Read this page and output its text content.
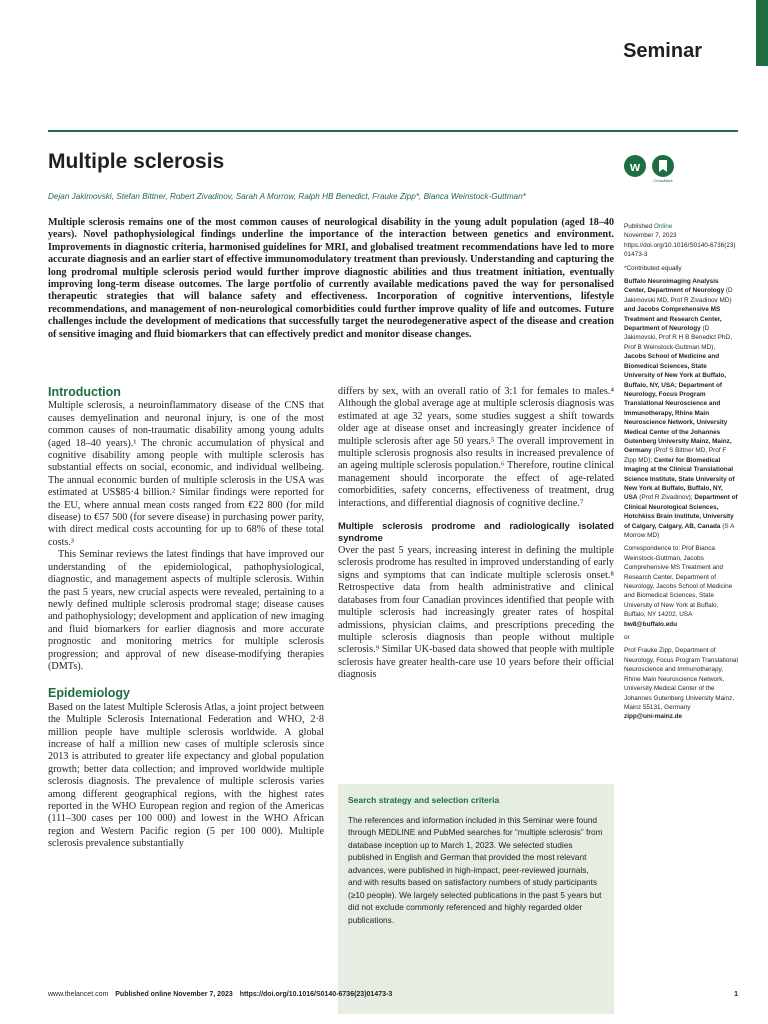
Seminar
Multiple sclerosis	w
CrossMark

Dejan Jakimovski, Stefan Bittner, Robert Zivadinov, Sarah A Morrow, Ralph HB Benedict, Frauke Zipp*, Bianca Weinstock-Guttman*

Multiple sclerosis remains one of the most common causes of neurological disability in the young adult population (aged 18–40 years). Novel pathophysiological findings underline the importance of the interaction between genetics and environment. Improvements in diagnostic criteria, harmonised guidelines for MRI, and globalised treatment recommendations have led to more accurate diagnosis and an earlier start of effective immunomodulatory treatment than previously. Understanding and capturing the long prodromal multiple sclerosis period would further improve diagnostic abilities and thus treatment initiation, eventually improving long-term disease outcomes. The large portfolio of currently available medications paved the way for personalised therapeutic strategies that will balance safety and effectiveness. Incorporation of cognitive interventions, lifestyle recommendations, and management of non-neurological comorbidities could further improve quality of life and outcomes. Future challenges include the development of medications that successfully target the neurodegenerative aspect of the disease and creation of sensitive imaging and fluid biomarkers that can effectively predict and monitor disease changes.

Introduction

Multiple sclerosis, a neuroinflammatory disease of the CNS that causes demyelination and neuronal injury, is one of the most common causes of non-traumatic disability among young adults (aged 18–40 years).¹ The chronic accumulation of physical and cognitive disability among people with multiple sclerosis has substantial effects on social, economic, and individual wellbeing. The annual economic burden of multiple sclerosis in the USA was estimated at US$85·4 billion.² Similar findings were reported for the EU, where annual mean costs ranged from €22 800 (for mild disease) to €57 500 (for severe disease) in purchasing power parity, with direct medical costs accounting for up to 68% of these total costs.³

This Seminar reviews the latest findings that have improved our understanding of the epidemiological, pathophysiological, diagnostic, and management aspects of multiple sclerosis. Within the past 5 years, new crucial aspects were revealed, pertaining to a newly defined multiple sclerosis prodromal stage; disease causes and pathophysiology; development and application of new imaging and fluid biomarkers for earlier diagnosis and more accurate prognostic and monitoring metrics for multiple sclerosis progression; and approval of new disease-modifying therapies (DMTs).

Epidemiology

Based on the latest Multiple Sclerosis Atlas, a joint project between the Multiple Sclerosis International Federation and WHO, 2·8 million people have multiple sclerosis worldwide. A global increase of half a million new cases of multiple sclerosis since 2013 is attributed to greater life expectancy and global population growth; better data collection; and improved worldwide multiple sclerosis diagnosis. The prevalence of multiple sclerosis varies among different geographical regions, with the highest rates reported in the WHO European region and region of the Americas (111–300 cases per 100 000) and lowest in the WHO African region and Western Pacific region (5 per 100 000). Multiple sclerosis prevalence substantially

differs by sex, with an overall ratio of 3:1 for females to males.⁴ Although the global average age at multiple sclerosis diagnosis was estimated at age 32 years, some studies suggest a shift towards older age at disease onset and increasingly greater incidence of multiple sclerosis after age 50 years.⁵ The overall improvement in multiple sclerosis prognosis also results in increased prevalence of an ageing multiple sclerosis population.⁶ Therefore, routine clinical management should incorporate the effect of age-related comorbidities, safety concerns, effectiveness of treatment, drug interactions, and differential diagnosis of cognitive decline.⁷

Multiple sclerosis prodrome and radiologically isolated syndrome

Over the past 5 years, increasing interest in defining the multiple sclerosis prodrome has resulted in improved understanding of early signs and symptoms that can indicate multiple sclerosis onset.⁸ Retrospective data from health administrative and clinical databases from four Canadian provinces identified that people with multiple sclerosis had increasingly greater rates of hospital admissions, physician claims, and prescriptions preceding the multiple sclerosis diagnosis than people without multiple sclerosis.⁹ Similar UK-based data showed that people with multiple sclerosis have greater health-care use 10 years before their official diagnosis

Search strategy and selection criteria

The references and information included in this Seminar were found through MEDLINE and PubMed searches for “multiple sclerosis” from database inception up to March 1, 2023. We selected studies published in English and German that provided the most relevant advances, were published in high-impact, peer-reviewed journals, and with results based on satisfactory numbers of study participants (≥10 people). We largely selected publications in the past 5 years but did not exclude commonly referenced and highly regarded older publications.

Published Online
November 7, 2023
https://doi.org/10.1016/S0140-6736(23)01473-3

*Contributed equally

Buffalo Neuroimaging Analysis Center, Department of Neurology (D Jakimovski MD, Prof R Zivadinov MD) and Jacobs Comprehensive MS Treatment and Research Center, Department of Neurology (D Jakimovski, Prof R H B Benedict PhD, Prof B Weinstock-Guttman MD), Jacobs School of Medicine and Biomedical Sciences, State University of New York at Buffalo, Buffalo, NY, USA; Department of Neurology, Focus Program Translational Neuroscience and Immunotherapy, Rhine Main Neuroscience Network, University Medical Center of the Johannes Gutenberg University Mainz, Mainz, Germany (Prof S Bittner MD, Prof F Zipp MD); Center for Biomedical Imaging at the Clinical Translational Science Institute, State University of New York at Buffalo, Buffalo, NY, USA (Prof R Zivadinov); Department of Clinical Neurological Sciences, Hotchkiss Brain Institute, University of Calgary, Calgary, AB, Canada (S A Morrow MD)

Correspondence to: Prof Bianca Weinstock-Guttman, Jacobs Comprehensive MS Treatment and Research Center, Department of Neurology, Jacobs School of Medicine and Biomedical Sciences, State University of New York at Buffalo, Buffalo, NY 14202, USA
bw8@buffalo.edu

or

Prof Frauke Zipp, Department of Neurology, Focus Program Translational Neuroscience and Immunotherapy, Rhine Main Neuroscience Network, University Medical Center of the Johannes Gutenberg University Mainz, Mainz 55131, Germany
zipp@uni-mainz.de

www.thelancet.com Published online November 7, 2023 https://doi.org/10.1016/S0140-6736(23)01473-3	1
